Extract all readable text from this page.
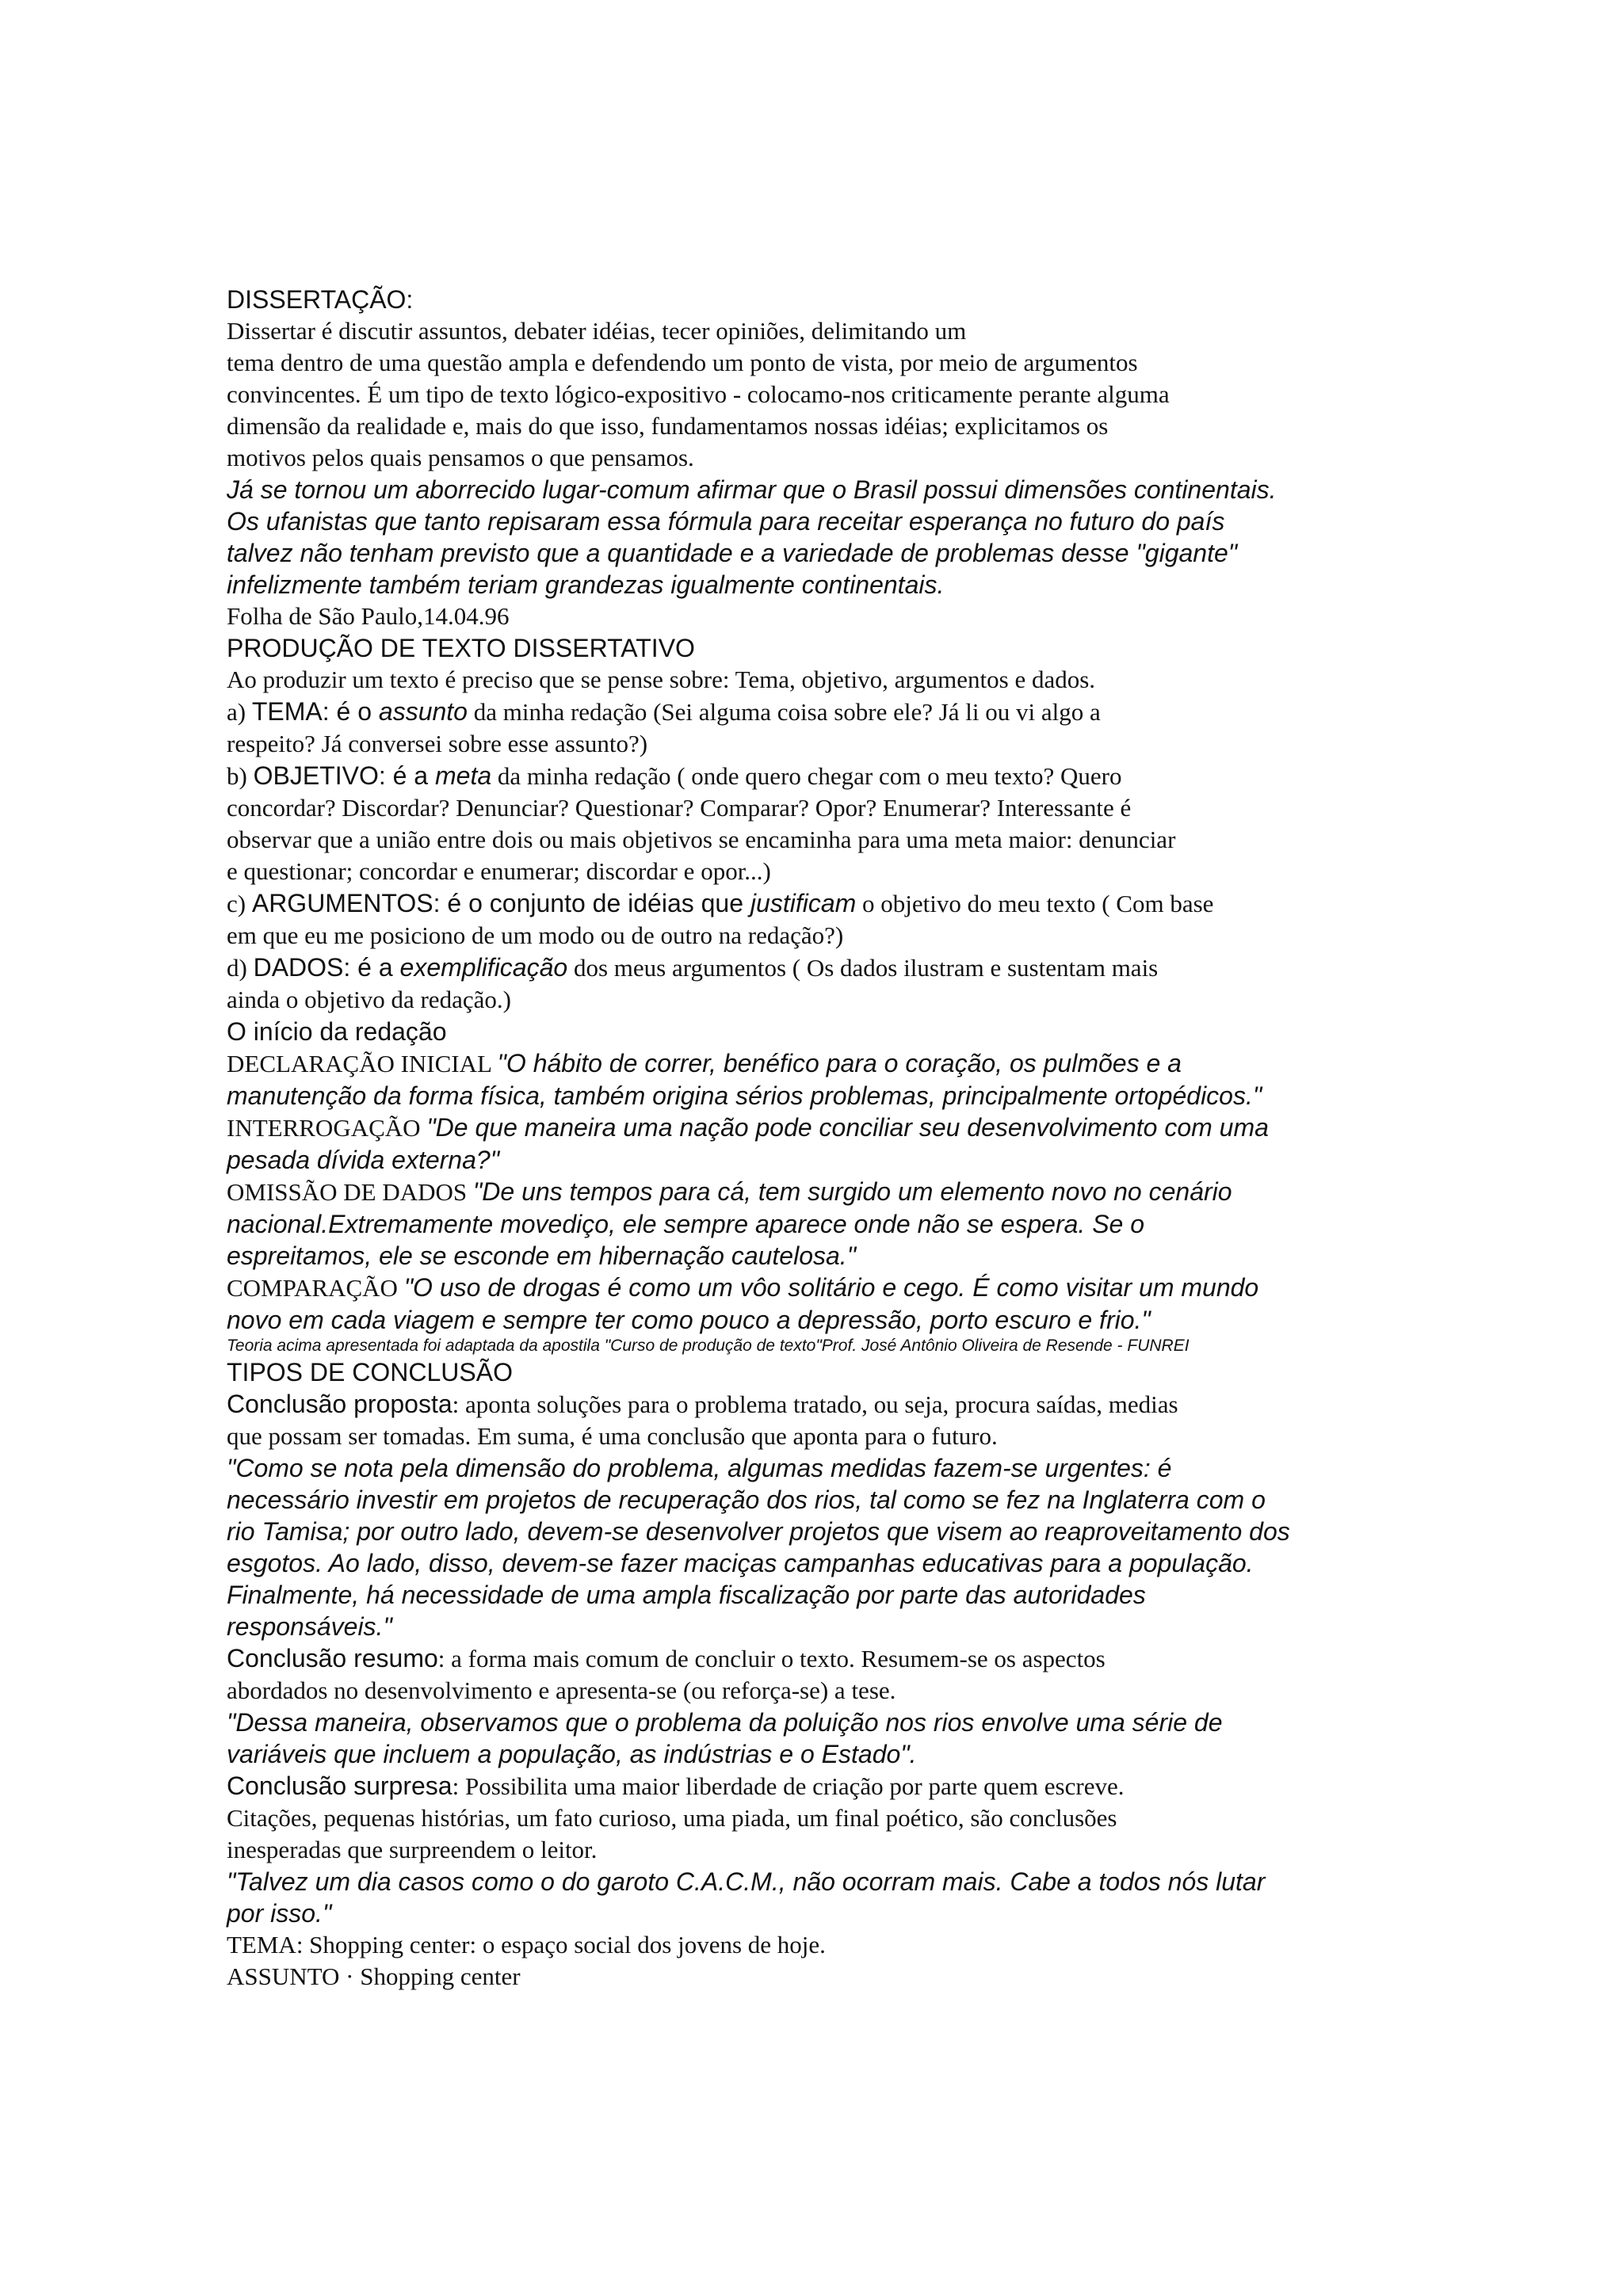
DISSERTAÇÃO:
Dissertar é discutir assuntos, debater idéias, tecer opiniões, delimitando um
tema dentro de uma questão ampla e defendendo um ponto de vista, por meio de argumentos
convincentes. É um tipo de texto lógico-expositivo - colocamo-nos criticamente perante alguma
dimensão da realidade e, mais do que isso, fundamentamos nossas idéias; explicitamos os
motivos pelos quais pensamos o que pensamos.
Já se tornou um aborrecido lugar-comum afirmar que o Brasil possui dimensões continentais.
Os ufanistas que tanto repisaram essa fórmula para receitar esperança no futuro do país
talvez não tenham previsto que a quantidade e a variedade de problemas desse "gigante"
infelizmente também teriam grandezas igualmente continentais.
Folha de São Paulo,14.04.96
PRODUÇÃO DE TEXTO DISSERTATIVO
Ao produzir um texto é preciso que se pense sobre: Tema, objetivo, argumentos e dados.
a) TEMA: é o assunto da minha redação (Sei alguma coisa sobre ele? Já li ou vi algo a
respeito? Já conversei sobre esse assunto?)
b) OBJETIVO: é a meta da minha redação ( onde quero chegar com o meu texto? Quero
concordar? Discordar? Denunciar? Questionar? Comparar? Opor? Enumerar? Interessante é
observar que a união entre dois ou mais objetivos se encaminha para uma meta maior: denunciar
e questionar; concordar e enumerar; discordar e opor...)
c) ARGUMENTOS: é o conjunto de idéias que justificam o objetivo do meu texto ( Com base
em que eu me posiciono de um modo ou de outro na redação?)
d) DADOS: é a exemplificação dos meus argumentos ( Os dados ilustram e sustentam mais
ainda o objetivo da redação.)
O início da redação
DECLARAÇÃO INICIAL "O hábito de correr, benéfico para o coração, os pulmões e a
manutenção da forma física, também origina sérios problemas, principalmente ortopédicos."
INTERROGAÇÃO "De que maneira uma nação pode conciliar seu desenvolvimento com uma
pesada dívida externa?"
OMISSÃO DE DADOS "De uns tempos para cá, tem surgido um elemento novo no cenário
nacional.Extremamente movediço, ele sempre aparece onde não se espera. Se o
espreitamos, ele se esconde em hibernação cautelosa."
COMPARAÇÃO "O uso de drogas é como um vôo solitário e cego. É como visitar um mundo
novo em cada viagem e sempre ter como pouco a depressão, porto escuro e frio."
Teoria acima apresentada foi adaptada da apostila "Curso de produção de texto"Prof. José Antônio Oliveira de Resende - FUNREI
TIPOS DE CONCLUSÃO
Conclusão proposta: aponta soluções para o problema tratado, ou seja, procura saídas, medias
que possam ser tomadas. Em suma, é uma conclusão que aponta para o futuro.
"Como se nota pela dimensão do problema, algumas medidas fazem-se urgentes: é
necessário investir em projetos de recuperação dos rios, tal como se fez na Inglaterra com o
rio Tamisa; por outro lado, devem-se desenvolver projetos que visem ao reaproveitamento dos
esgotos. Ao lado, disso, devem-se fazer maciças campanhas educativas para a população.
Finalmente, há necessidade de uma ampla fiscalização por parte das autoridades
responsáveis."
Conclusão resumo: a forma mais comum de concluir o texto. Resumem-se os aspectos
abordados no desenvolvimento e apresenta-se (ou reforça-se) a tese.
"Dessa maneira, observamos que o problema da poluição nos rios envolve uma série de
variáveis que incluem a população, as indústrias e o Estado".
Conclusão surpresa: Possibilita uma maior liberdade de criação por parte quem escreve.
Citações, pequenas histórias, um fato curioso, uma piada, um final poético, são conclusões
inesperadas que surpreendem o leitor.
"Talvez um dia casos como o do garoto C.A.C.M., não ocorram mais. Cabe a todos nós lutar
por isso."
TEMA: Shopping center: o espaço social dos jovens de hoje.
ASSUNTO · Shopping center
